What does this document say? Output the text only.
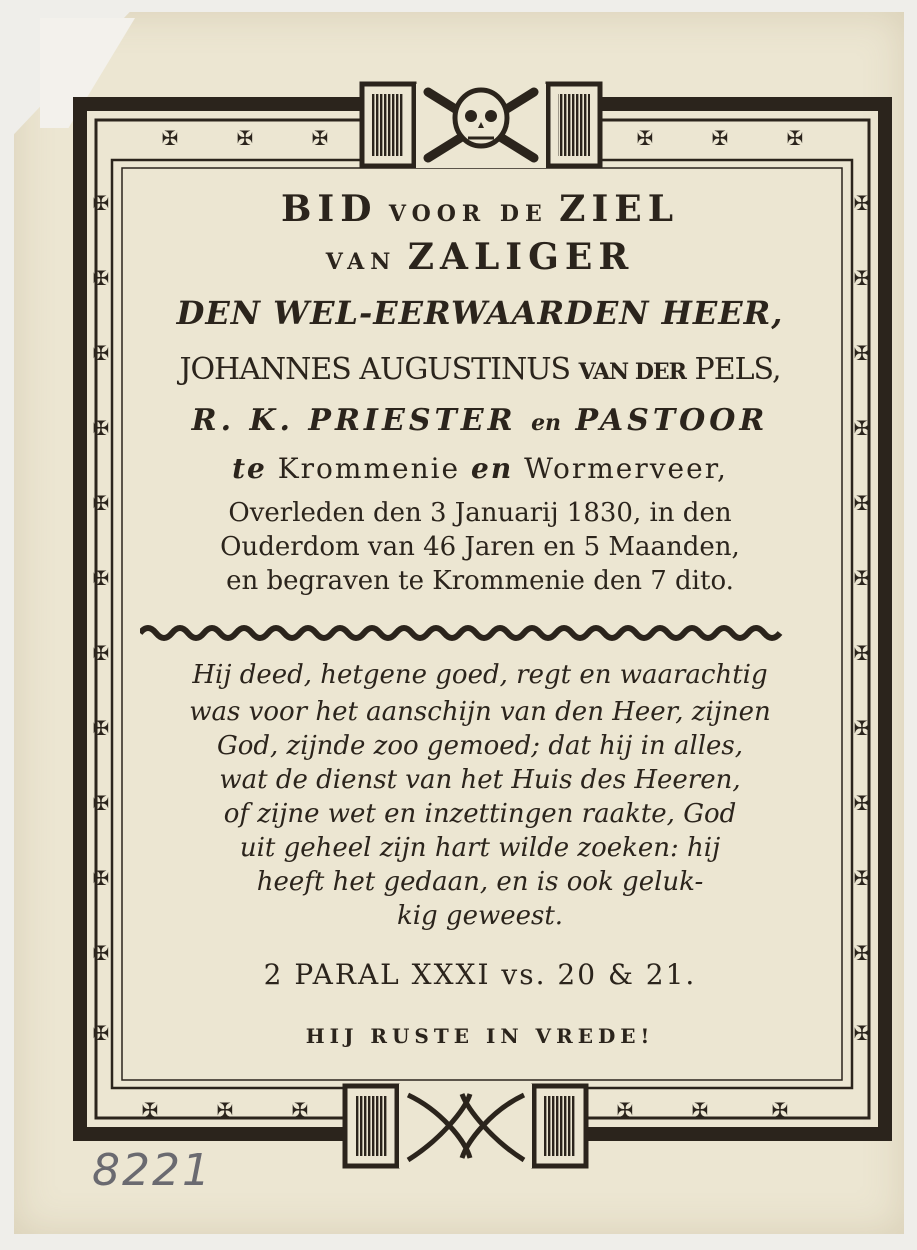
✠	✠	✠	✠	✠	✠
✠	✠	✠	✠	✠	✠
✠
✠
✠
✠
✠
✠
✠
✠
✠
✠
✠
✠
✠
✠
✠
✠
✠
✠
✠
✠
✠
✠
✠
✠
BID VOOR DE ZIEL
VAN ZALIGER
DEN WEL-EERWAARDEN HEER,
JOHANNES AUGUSTINUS VAN DER PELS,
R. K. PRIESTER en PASTOOR
te Krommenie en Wormerveer,
Overleden den 3 Januarij 1830, in den
Ouderdom van 46 Jaren en 5 Maanden,
en begraven te Krommenie den 7 dito.
Hij deed, hetgene goed, regt en waarachtig
was voor het aanschijn van den Heer, zijnen
God, zijnde zoo gemoed; dat hij in alles,
wat de dienst van het Huis des Heeren,
of zijne wet en inzettingen raakte, God
uit geheel zijn hart wilde zoeken: hij
heeft het gedaan, en is ook geluk-
kig geweest.
2 PARAL XXXI vs. 20 & 21.
HIJ RUSTE IN VREDE!
8221
